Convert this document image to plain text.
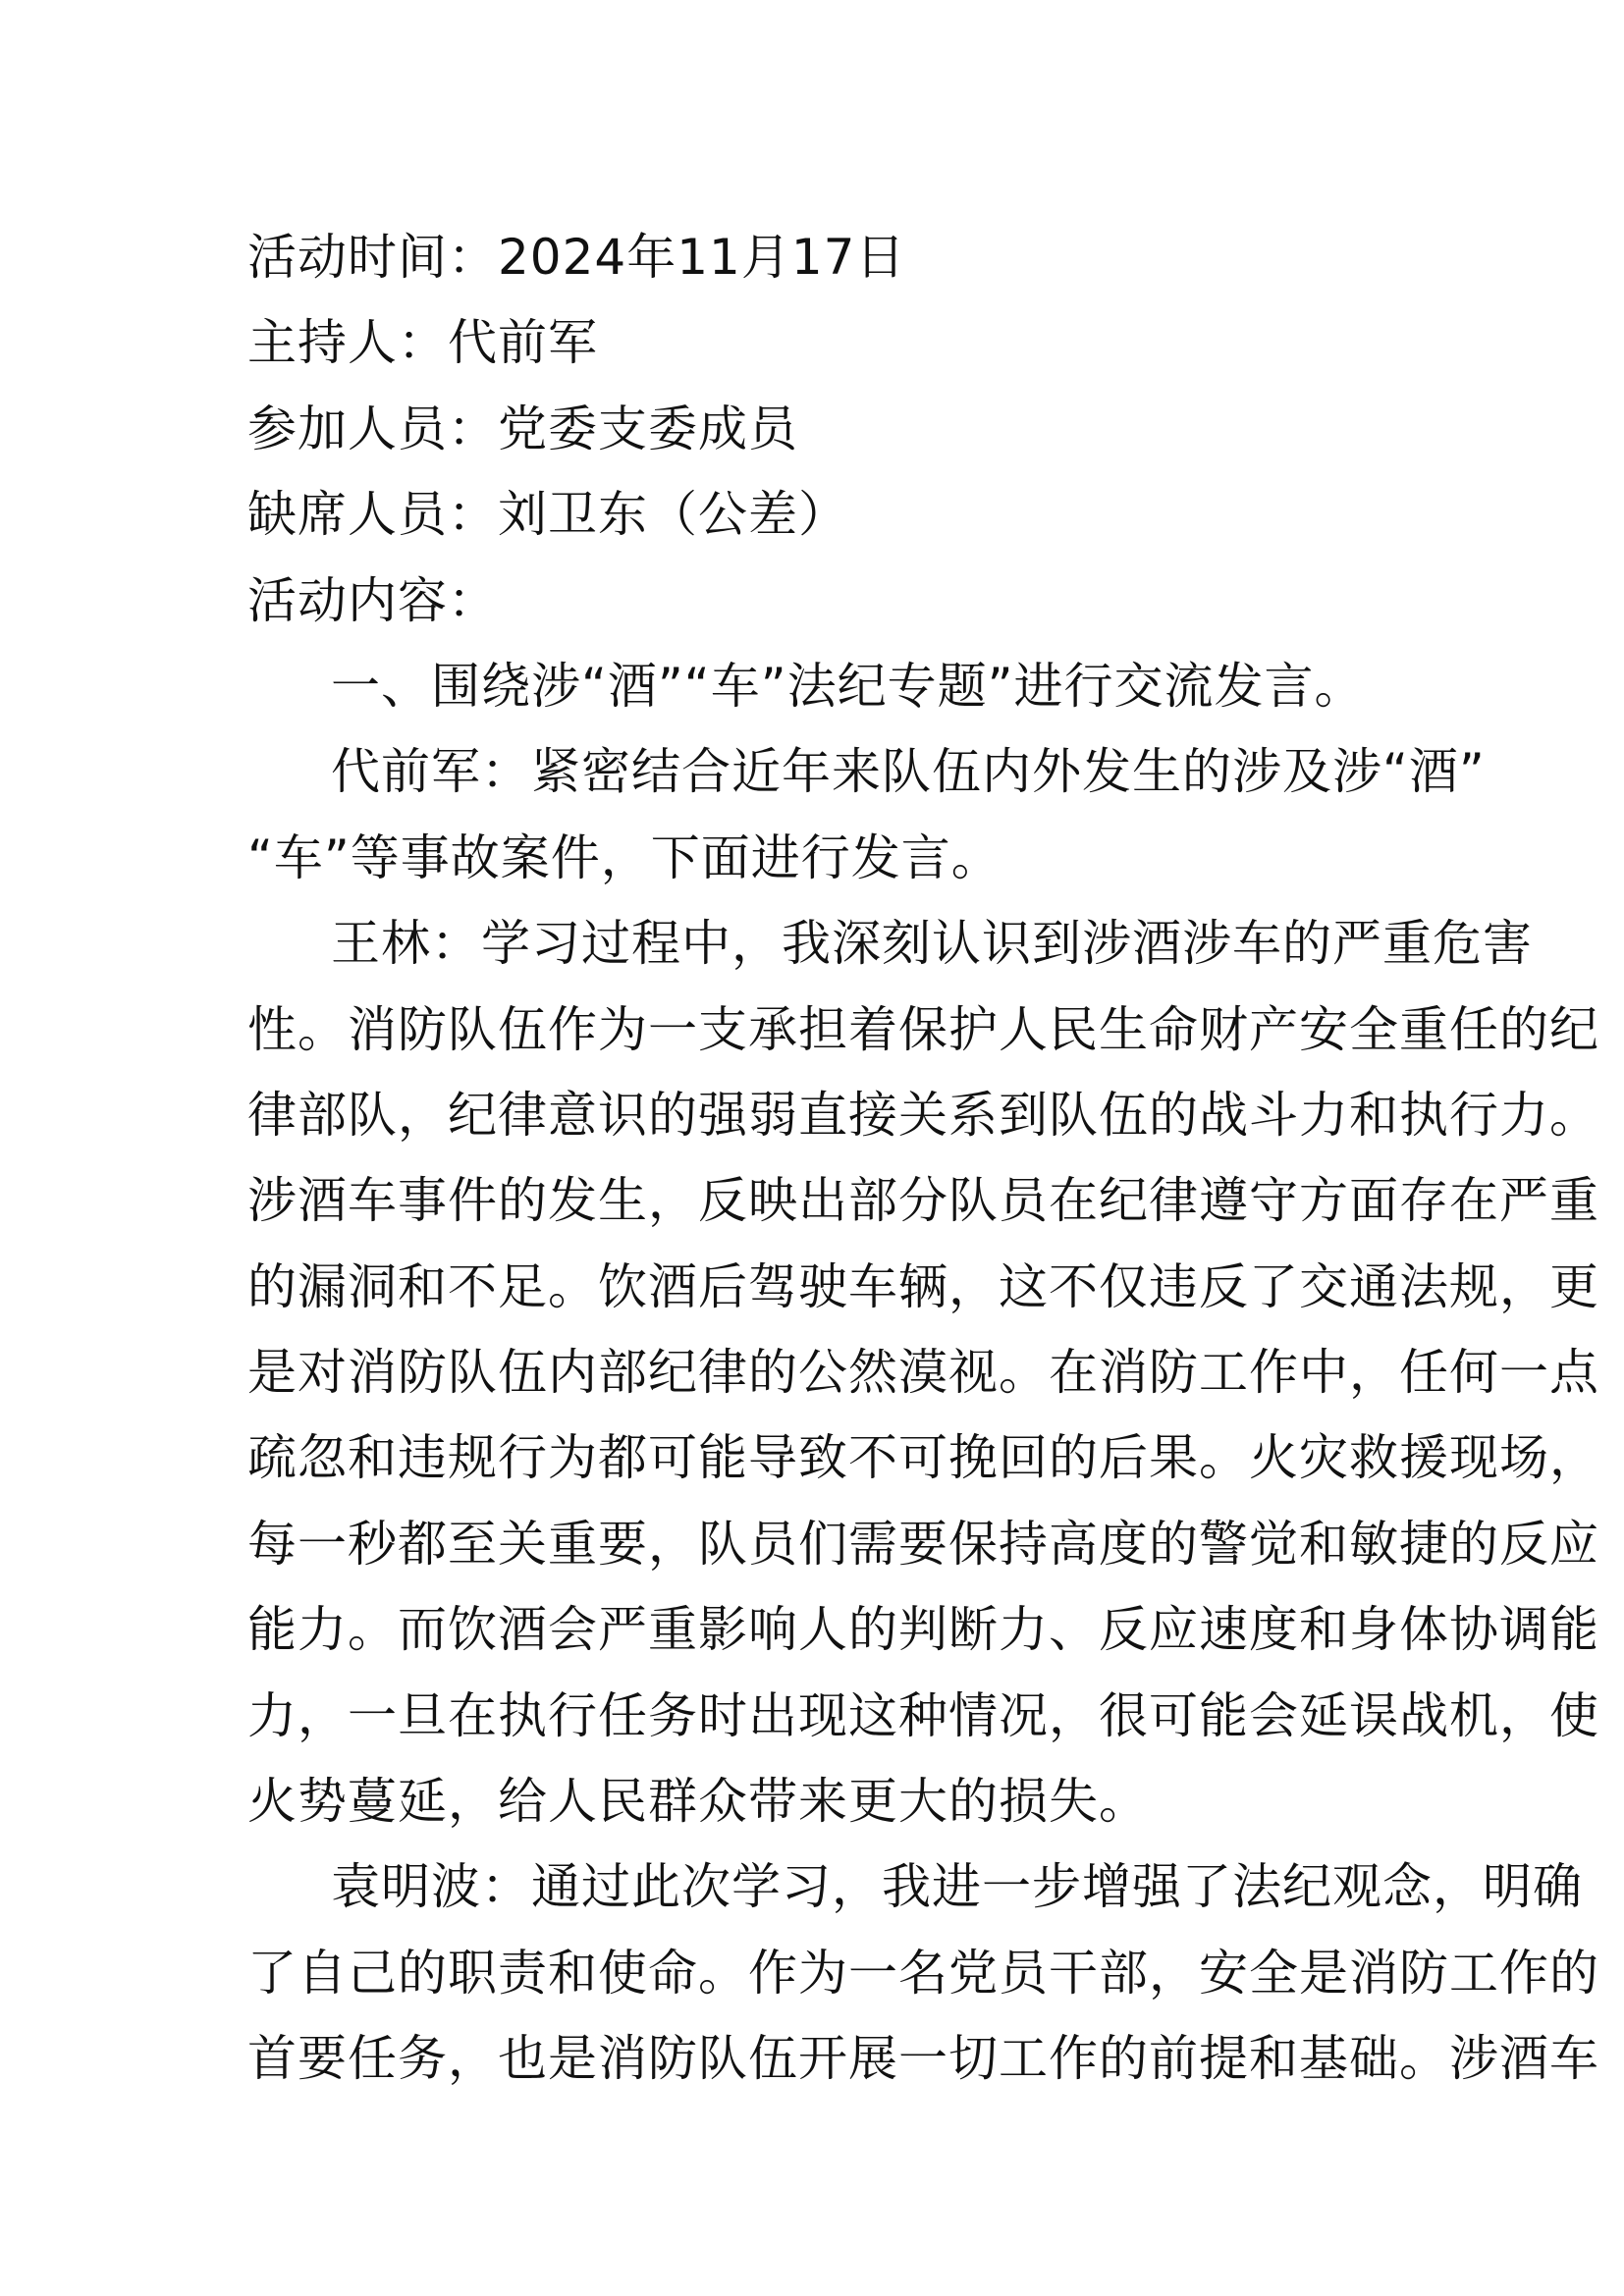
活动时间：2024年11月17日
主持人：代前军
参加人员：党委支委成员
缺席人员：刘卫东（公差）
活动内容：
一、围绕涉“酒”“车”法纪专题”进行交流发言。
代前军：紧密结合近年来队伍内外发生的涉及涉“酒”
“车”等事故案件，下面进行发言。
王林：学习过程中，我深刻认识到涉酒涉车的严重危害
性。消防队伍作为一支承担着保护人民生命财产安全重任的纪
律部队，纪律意识的强弱直接关系到队伍的战斗力和执行力。
涉酒车事件的发生，反映出部分队员在纪律遵守方面存在严重
的漏洞和不足。饮酒后驾驶车辆，这不仅违反了交通法规，更
是对消防队伍内部纪律的公然漠视。在消防工作中，任何一点
疏忽和违规行为都可能导致不可挽回的后果。火灾救援现场，
每一秒都至关重要，队员们需要保持高度的警觉和敏捷的反应
能力。而饮酒会严重影响人的判断力、反应速度和身体协调能
力，一旦在执行任务时出现这种情况，很可能会延误战机，使
火势蔓延，给人民群众带来更大的损失。
袁明波：通过此次学习，我进一步增强了法纪观念，明确
了自己的职责和使命。作为一名党员干部，安全是消防工作的
首要任务，也是消防队伍开展一切工作的前提和基础。涉酒车
